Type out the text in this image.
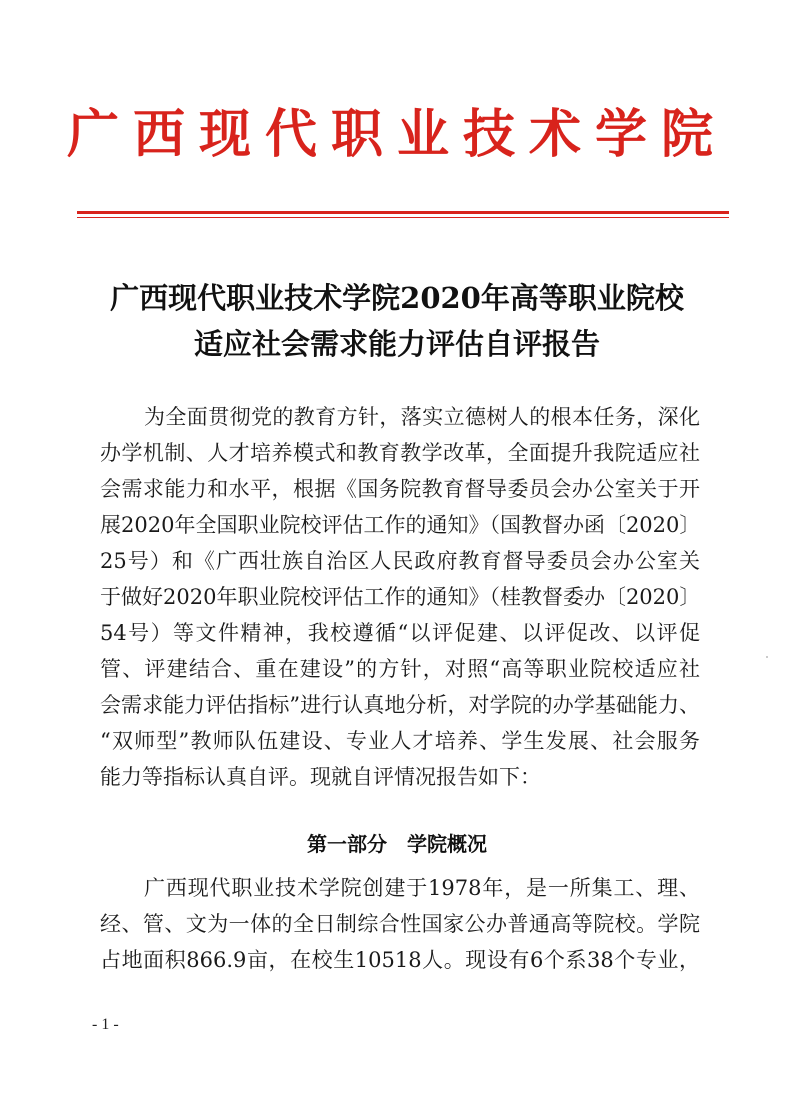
广西现代职业技术学院
广西现代职业技术学院2020年高等职业院校
适应社会需求能力评估自评报告
为全面贯彻党的教育方针，落实立德树人的根本任务，深化
办学机制、人才培养模式和教育教学改革，全面提升我院适应社
会需求能力和水平，根据《国务院教育督导委员会办公室关于开
展2020年全国职业院校评估工作的通知》（国教督办函〔2020〕
25号）和《广西壮族自治区人民政府教育督导委员会办公室关
于做好2020年职业院校评估工作的通知》（桂教督委办〔2020〕
54号）等文件精神，我校遵循“以评促建、以评促改、以评促
管、评建结合、重在建设”的方针，对照“高等职业院校适应社
会需求能力评估指标”进行认真地分析，对学院的办学基础能力、
“双师型”教师队伍建设、专业人才培养、学生发展、社会服务
能力等指标认真自评。现就自评情况报告如下：
第一部分　学院概况
广西现代职业技术学院创建于1978年，是一所集工、理、
经、管、文为一体的全日制综合性国家公办普通高等院校。学院
占地面积866.9亩，在校生10518人。现设有6个系38个专业，
- 1 -
